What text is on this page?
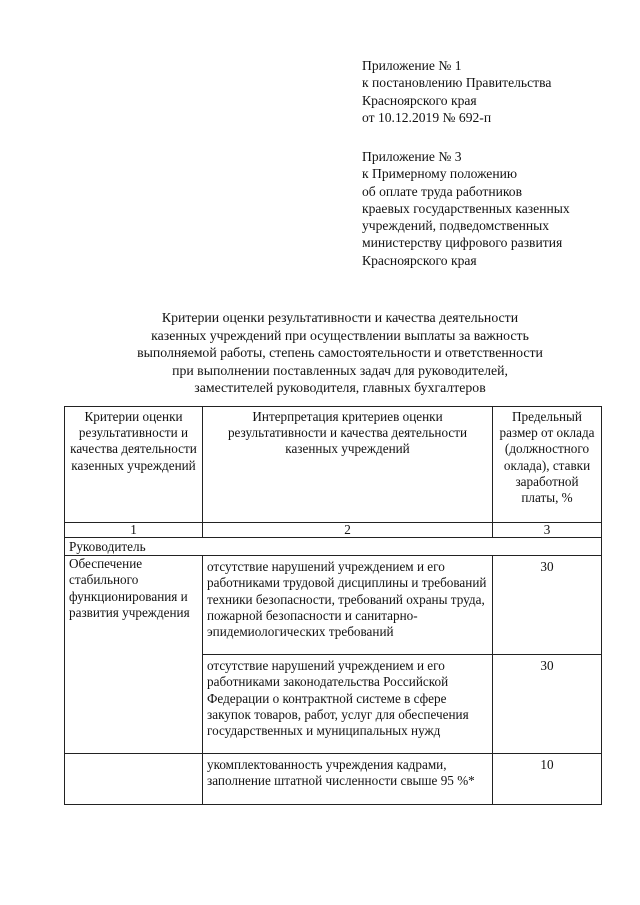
Приложение № 1
к постановлению Правительства
Красноярского края
от 10.12.2019 № 692-п
Приложение № 3
к Примерному положению
об оплате труда работников
краевых государственных казенных
учреждений, подведомственных
министерству цифрового развития
Красноярского края
Критерии оценки результативности и качества деятельности
казенных учреждений при осуществлении выплаты за важность
выполняемой работы, степень самостоятельности и ответственности
при выполнении поставленных задач для руководителей,
заместителей руководителя, главных бухгалтеров
Критерии оценки результативности и качества деятельности казенных учреждений	Интерпретация критериев оценки результативности и качества деятельности казенных учреждений	Предельный размер от оклада (должностного оклада), ставки заработной платы, %
1	2	3
Руководитель		
Обеспечение стабильного функционирования и развития учреждения	отсутствие нарушений учреждением и его работниками трудовой дисциплины и требований техники безопасности, требований охраны труда, пожарной безопасности и санитарно-эпидемиологических требований	30
	отсутствие нарушений учреждением и его работниками законодательства Российской Федерации о контрактной системе в сфере закупок товаров, работ, услуг для обеспечения государственных и муниципальных нужд	30
	укомплектованность учреждения кадрами, заполнение штатной численности свыше 95 %*	10
